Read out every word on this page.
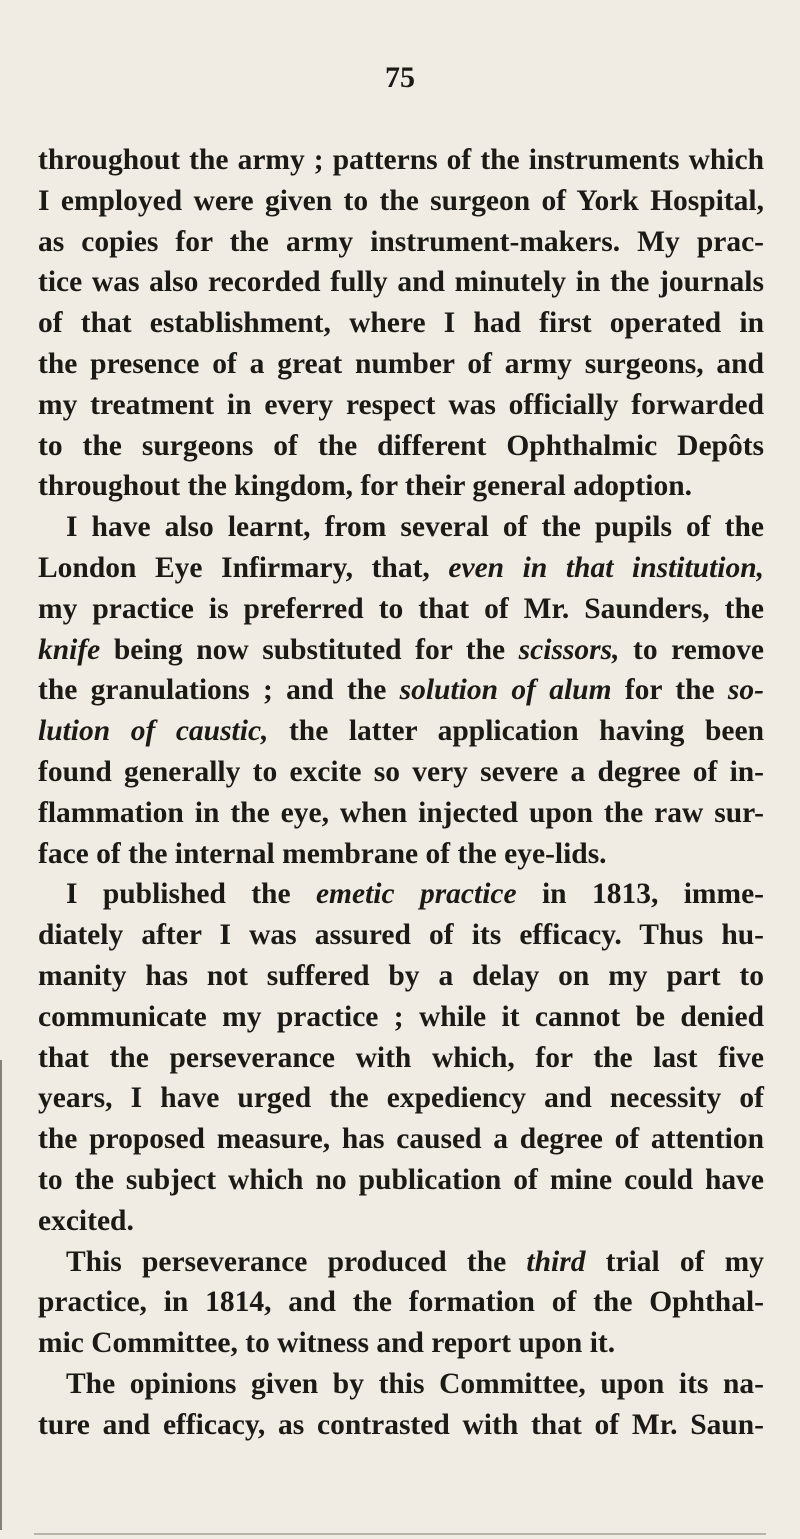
75
throughout the army ; patterns of the instruments which
I employed were given to the surgeon of York Hospital,
as copies for the army instrument-makers. My prac-
tice was also recorded fully and minutely in the journals
of that establishment, where I had first operated in
the presence of a great number of army surgeons, and
my treatment in every respect was officially forwarded
to the surgeons of the different Ophthalmic Depôts
throughout the kingdom, for their general adoption.
I have also learnt, from several of the pupils of the
London Eye Infirmary, that, even in that institution,
my practice is preferred to that of Mr. Saunders, the
knife being now substituted for the scissors, to remove
the granulations ; and the solution of alum for the so-
lution of caustic, the latter application having been
found generally to excite so very severe a degree of in-
flammation in the eye, when injected upon the raw sur-
face of the internal membrane of the eye-lids.
I published the emetic practice in 1813, imme-
diately after I was assured of its efficacy. Thus hu-
manity has not suffered by a delay on my part to
communicate my practice ; while it cannot be denied
that the perseverance with which, for the last five
years, I have urged the expediency and necessity of
the proposed measure, has caused a degree of attention
to the subject which no publication of mine could have
excited.
This perseverance produced the third trial of my
practice, in 1814, and the formation of the Ophthal-
mic Committee, to witness and report upon it.
The opinions given by this Committee, upon its na-
ture and efficacy, as contrasted with that of Mr. Saun-
